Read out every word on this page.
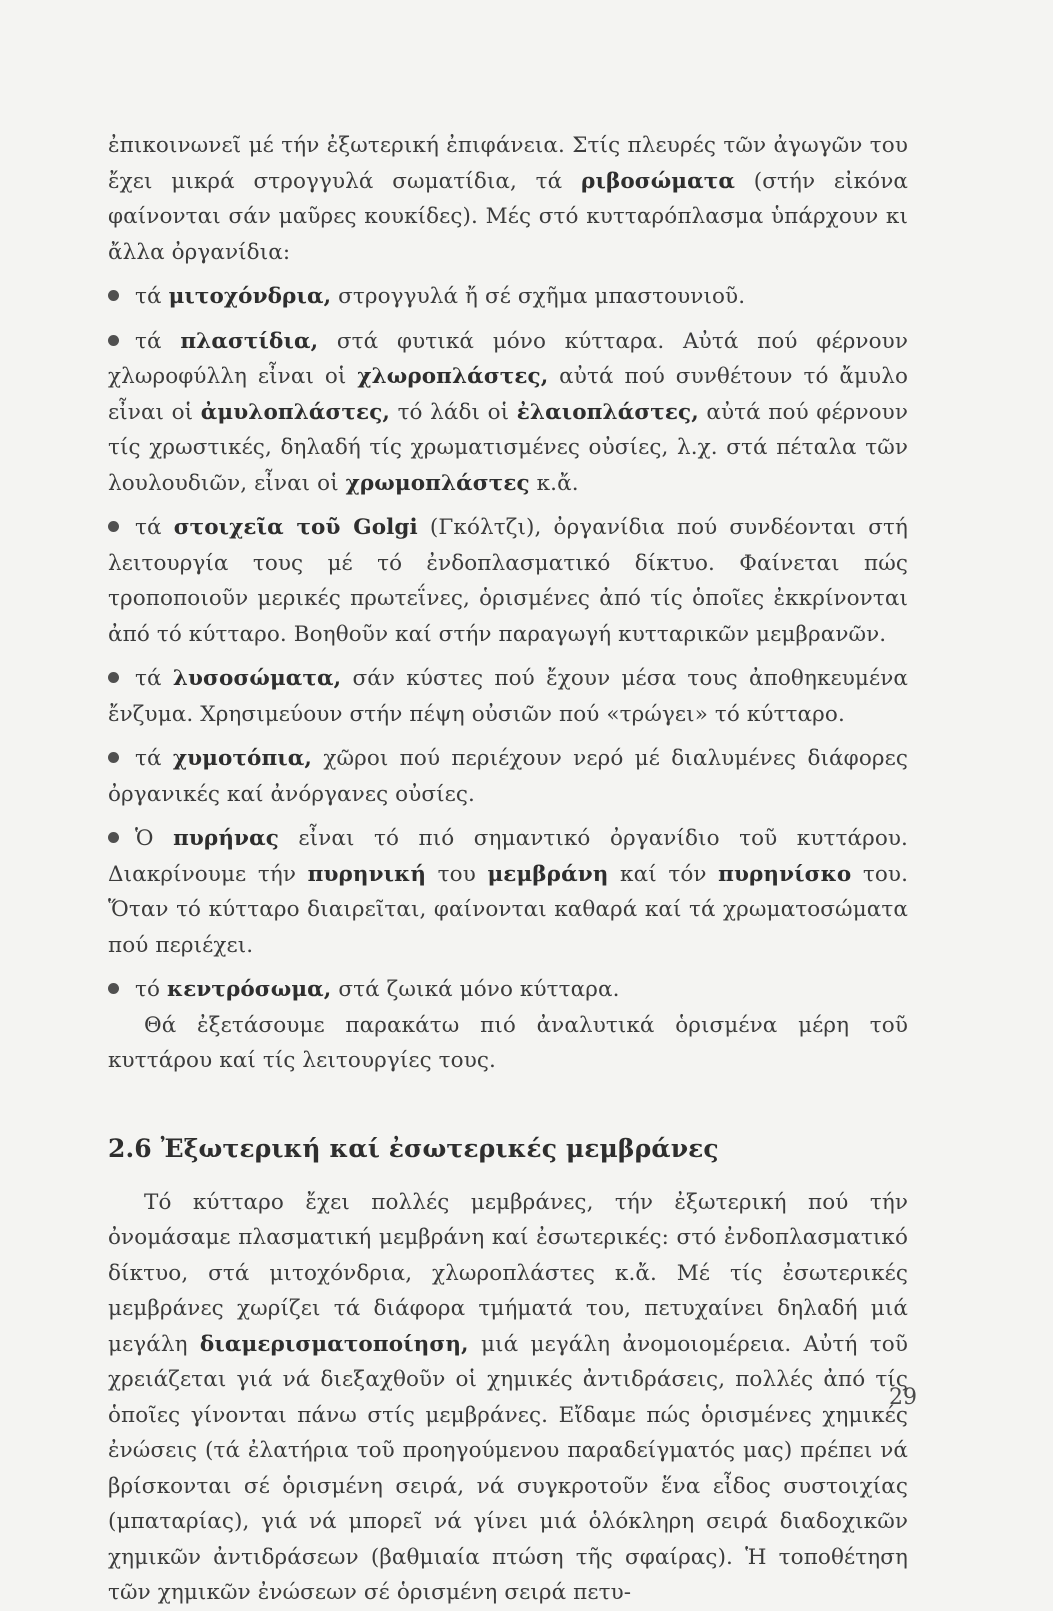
ἐπικοινωνεῖ μέ τήν ἐξωτερική ἐπιφάνεια. Στίς πλευρές τῶν ἀγωγῶν του ἔχει μικρά στρογγυλά σωματίδια, τά ριβοσώματα (στήν εἰκόνα φαίνονται σάν μαῦρες κουκίδες). Μές στό κυτταρόπλασμα ὑπάρχουν κι ἄλλα ὀργανίδια:

τά μιτοχόνδρια, στρογγυλά ἤ σέ σχῆμα μπαστουνιοῦ.

τά πλαστίδια, στά φυτικά μόνο κύτταρα. Αὐτά πού φέρνουν χλωροφύλλη εἶναι οἱ χλωροπλάστες, αὐτά πού συνθέτουν τό ἄμυλο εἶναι οἱ ἀμυλοπλάστες, τό λάδι οἱ ἐλαιοπλάστες, αὐτά πού φέρνουν τίς χρωστικές, δηλαδή τίς χρωματισμένες οὐσίες, λ.χ. στά πέταλα τῶν λουλουδιῶν, εἶναι οἱ χρωμοπλάστες κ.ἄ.

τά στοιχεῖα τοῦ Golgi (Γκόλτζι), ὀργανίδια πού συνδέονται στή λειτουργία τους μέ τό ἐνδοπλασματικό δίκτυο. Φαίνεται πώς τροποποιοῦν μερικές πρωτεΐνες, ὁρισμένες ἀπό τίς ὁποῖες ἐκκρίνονται ἀπό τό κύτταρο. Βοηθοῦν καί στήν παραγωγή κυτταρικῶν μεμβρανῶν.

τά λυσοσώματα, σάν κύστες πού ἔχουν μέσα τους ἀποθηκευμένα ἔνζυμα. Χρησιμεύουν στήν πέψη οὐσιῶν πού «τρώγει» τό κύτταρο.

τά χυμοτόπια, χῶροι πού περιέχουν νερό μέ διαλυμένες διάφορες ὀργανικές καί ἀνόργανες οὐσίες.

Ὁ πυρήνας εἶναι τό πιό σημαντικό ὀργανίδιο τοῦ κυττάρου. Διακρίνουμε τήν πυρηνική του μεμβράνη καί τόν πυρηνίσκο του. Ὅταν τό κύτταρο διαιρεῖται, φαίνονται καθαρά καί τά χρωματοσώματα πού περιέχει.

τό κεντρόσωμα, στά ζωικά μόνο κύτταρα.

Θά ἐξετάσουμε παρακάτω πιό ἀναλυτικά ὁρισμένα μέρη τοῦ κυττάρου καί τίς λειτουργίες τους.

2.6 Ἐξωτερική καί ἐσωτερικές μεμβράνες

Τό κύτταρο ἔχει πολλές μεμβράνες, τήν ἐξωτερική πού τήν ὀνομάσαμε πλασματική μεμβράνη καί ἐσωτερικές: στό ἐνδοπλασματικό δίκτυο, στά μιτοχόνδρια, χλωροπλάστες κ.ἄ. Μέ τίς ἐσωτερικές μεμβράνες χωρίζει τά διάφορα τμήματά του, πετυχαίνει δηλαδή μιά μεγάλη διαμερισματοποίηση, μιά μεγάλη ἀνομοιομέρεια. Αὐτή τοῦ χρειάζεται γιά νά διεξαχθοῦν οἱ χημικές ἀντιδράσεις, πολλές ἀπό τίς ὁποῖες γίνονται πάνω στίς μεμβράνες. Εἴδαμε πώς ὁρισμένες χημικές ἐνώσεις (τά ἐλατήρια τοῦ προηγούμενου παραδείγματός μας) πρέπει νά βρίσκονται σέ ὁρισμένη σειρά, νά συγκροτοῦν ἕνα εἶδος συστοιχίας (μπαταρίας), γιά νά μπορεῖ νά γίνει μιά ὁλόκληρη σειρά διαδοχικῶν χημικῶν ἀντιδράσεων (βαθμιαία πτώση τῆς σφαίρας). Ἡ τοποθέτηση τῶν χημικῶν ἐνώσεων σέ ὁρισμένη σειρά πετυ-

29
